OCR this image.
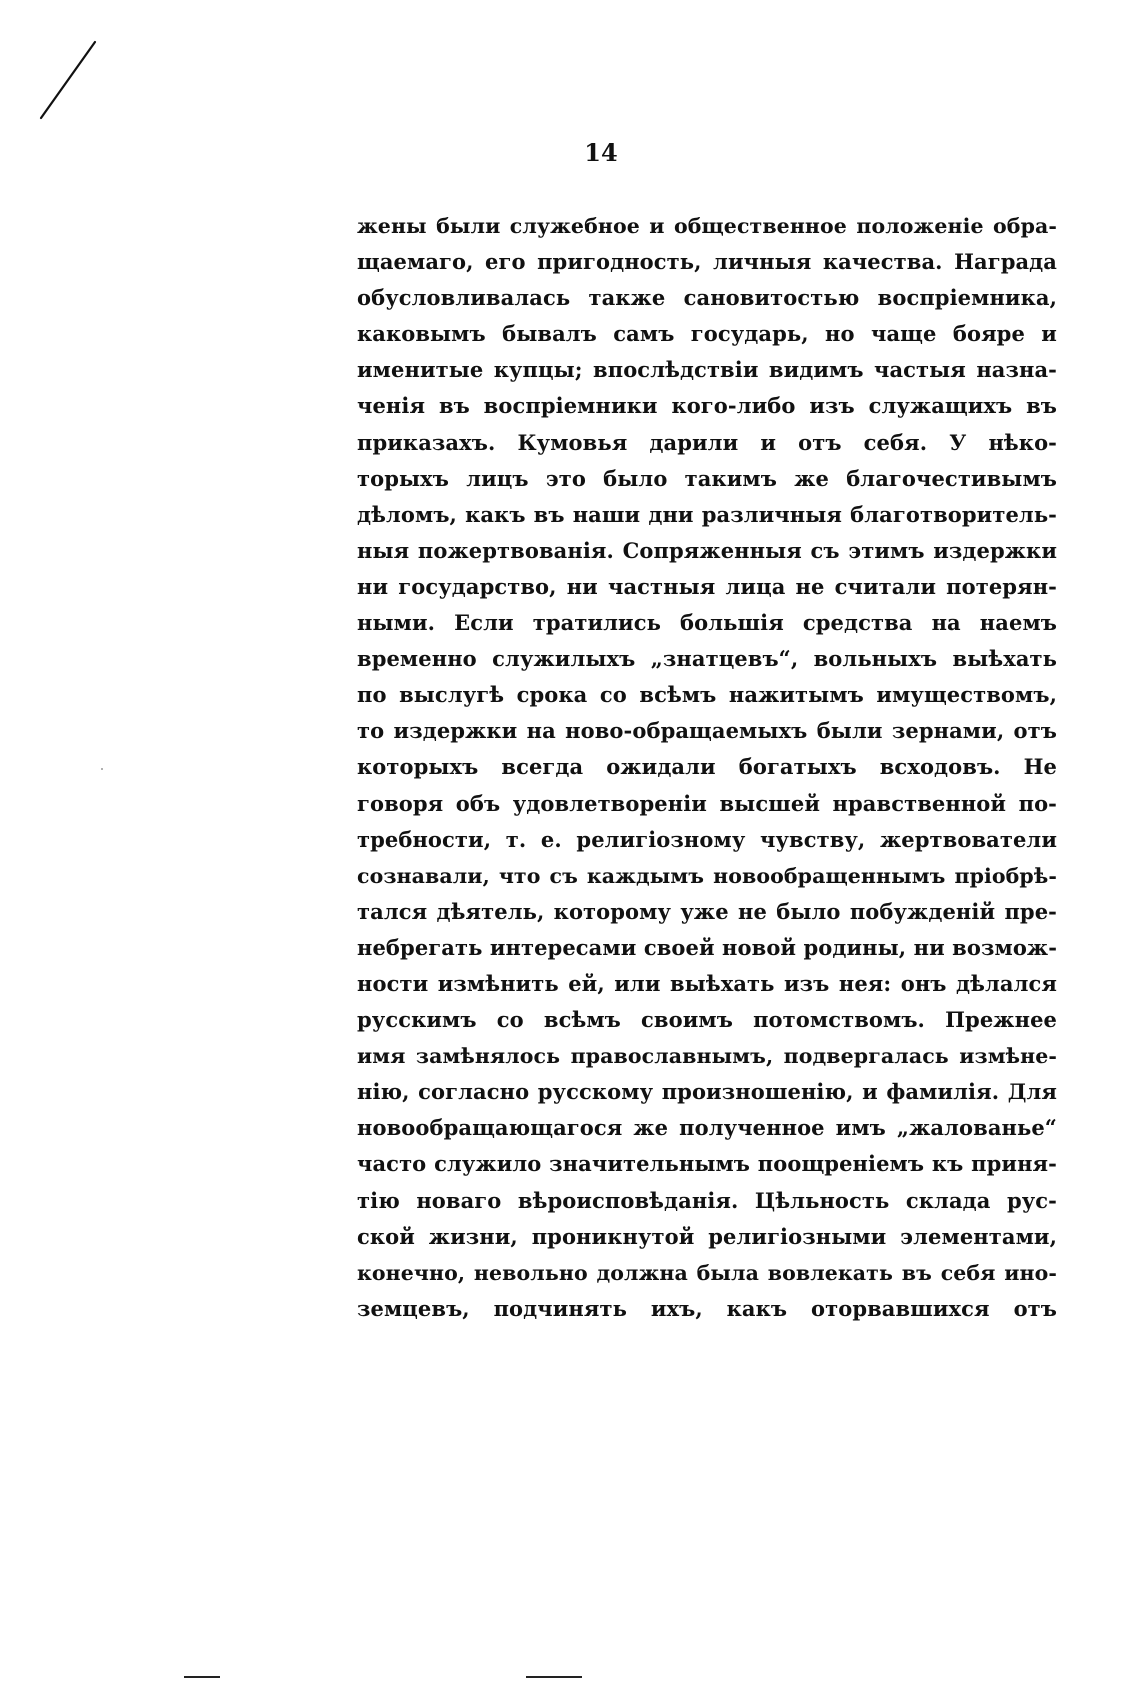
14
жены были служебное и общественное положеніе обра-
щаемаго, его пригодность, личныя качества. Награда
обусловливалась также сановитостью воспріемника,
каковымъ бывалъ самъ государь, но чаще бояре и
именитые купцы; впослѣдствіи видимъ частыя назна-
ченія въ воспріемники кого-либо изъ служащихъ въ
приказахъ. Кумовья дарили и отъ себя. У нѣко-
торыхъ лицъ это было такимъ же благочестивымъ
дѣломъ, какъ въ наши дни различныя благотворитель-
ныя пожертвованія. Сопряженныя съ этимъ издержки
ни государство, ни частныя лица не считали потерян-
ными. Если тратились большія средства на наемъ
временно служилыхъ „знатцевъ“, вольныхъ выѣхать
по выслугѣ срока со всѣмъ нажитымъ имуществомъ,
то издержки на ново-обращаемыхъ были зернами, отъ
которыхъ всегда ожидали богатыхъ всходовъ. Не
говоря объ удовлетвореніи высшей нравственной по-
требности, т. е. религіозному чувству, жертвователи
сознавали, что съ каждымъ новообращеннымъ пріобрѣ-
тался дѣятель, которому уже не было побужденій пре-
небрегать интересами своей новой родины, ни возмож-
ности измѣнить ей, или выѣхать изъ нея: онъ дѣлался
русскимъ со всѣмъ своимъ потомствомъ. Прежнее
имя замѣнялось православнымъ, подвергалась измѣне-
нію, согласно русскому произношенію, и фамилія. Для
новообращающагося же полученное имъ „жалованье“
часто служило значительнымъ поощреніемъ къ приня-
тію новаго вѣроисповѣданія. Цѣльность склада рус-
ской жизни, проникнутой религіозными элементами,
конечно, невольно должна была вовлекать въ себя ино-
земцевъ, подчинять ихъ, какъ оторвавшихся отъ
